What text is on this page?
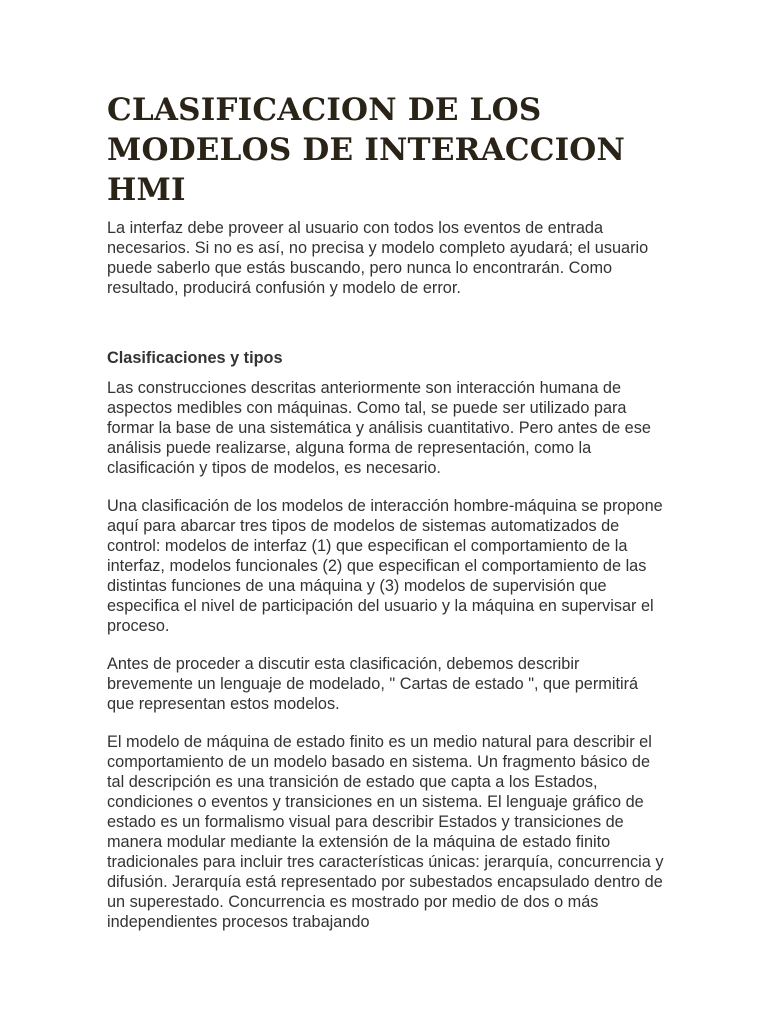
CLASIFICACION DE LOS MODELOS DE INTERACCION HMI

La interfaz debe proveer al usuario con todos los eventos de entrada necesarios. Si no es así, no precisa y modelo completo ayudará; el usuario puede saberlo que estás buscando, pero nunca lo encontrarán. Como resultado, producirá confusión y modelo de error.

Clasificaciones y tipos

Las construcciones descritas anteriormente son interacción humana de aspectos medibles con máquinas. Como tal, se puede ser utilizado para formar la base de una sistemática y análisis cuantitativo. Pero antes de ese análisis puede realizarse, alguna forma de representación, como la clasificación y tipos de modelos, es necesario.

Una clasificación de los modelos de interacción hombre-máquina se propone aquí para abarcar tres tipos de modelos de sistemas automatizados de control: modelos de interfaz (1) que especifican el comportamiento de la interfaz, modelos funcionales (2) que especifican el comportamiento de las distintas funciones de una máquina y (3) modelos de supervisión que especifica el nivel de participación del usuario y la máquina en supervisar el proceso.

Antes de proceder a discutir esta clasificación, debemos describir brevemente un lenguaje de modelado, " Cartas de estado ", que permitirá que representan estos modelos.

El modelo de máquina de estado finito es un medio natural para describir el comportamiento de un modelo basado en sistema. Un fragmento básico de tal descripción es una transición de estado que capta a los Estados, condiciones o eventos y transiciones en un sistema. El lenguaje gráfico de estado es un formalismo visual para describir Estados y transiciones de manera modular mediante la extensión de la máquina de estado finito tradicionales para incluir tres características únicas: jerarquía, concurrencia y difusión. Jerarquía está representado por subestados encapsulado dentro de un superestado. Concurrencia es mostrado por medio de dos o más independientes procesos trabajando
